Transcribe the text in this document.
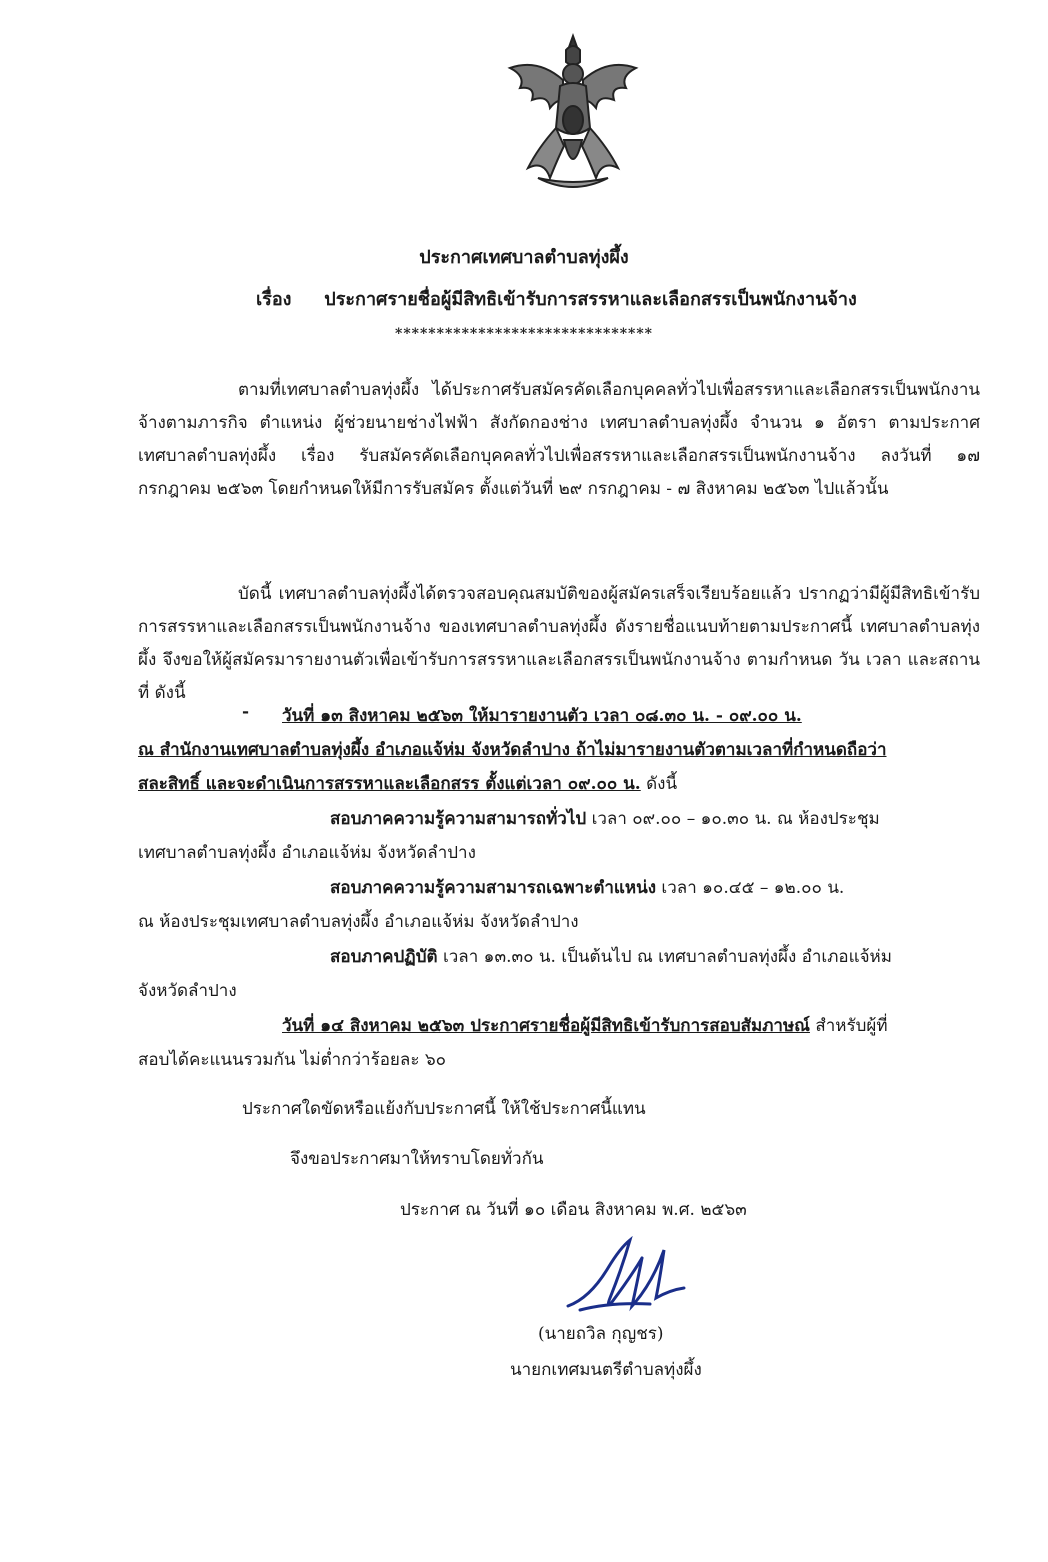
ประกาศเทศบาลตำบลทุ่งผึ้ง
เรื่อง ประกาศรายชื่อผู้มีสิทธิเข้ารับการสรรหาและเลือกสรรเป็นพนักงานจ้าง
*******************************
ตามที่เทศบาลตำบลทุ่งผึ้ง ได้ประกาศรับสมัครคัดเลือกบุคคลทั่วไปเพื่อสรรหาและเลือกสรรเป็นพนักงานจ้างตามภารกิจ ตำแหน่ง ผู้ช่วยนายช่างไฟฟ้า สังกัดกองช่าง เทศบาลตำบลทุ่งผึ้ง จำนวน ๑ อัตรา ตามประกาศเทศบาลตำบลทุ่งผึ้ง เรื่อง รับสมัครคัดเลือกบุคคลทั่วไปเพื่อสรรหาและเลือกสรรเป็นพนักงานจ้าง ลงวันที่ ๑๗ กรกฎาคม ๒๕๖๓ โดยกำหนดให้มีการรับสมัคร ตั้งแต่วันที่ ๒๙ กรกฎาคม - ๗ สิงหาคม ๒๕๖๓ ไปแล้วนั้น
บัดนี้ เทศบาลตำบลทุ่งผึ้งได้ตรวจสอบคุณสมบัติของผู้สมัครเสร็จเรียบร้อยแล้ว ปรากฏว่ามีผู้มีสิทธิเข้ารับการสรรหาและเลือกสรรเป็นพนักงานจ้าง ของเทศบาลตำบลทุ่งผึ้ง ดังรายชื่อแนบท้ายตามประกาศนี้ เทศบาลตำบลทุ่งผึ้ง จึงขอให้ผู้สมัครมารายงานตัวเพื่อเข้ารับการสรรหาและเลือกสรรเป็นพนักงานจ้าง ตามกำหนด วัน เวลา และสถานที่ ดังนี้
- วันที่ ๑๓ สิงหาคม ๒๕๖๓ ให้มารายงานตัว เวลา ๐๘.๓๐ น. - ๐๙.๐๐ น.
ณ สำนักงานเทศบาลตำบลทุ่งผึ้ง อำเภอแจ้ห่ม จังหวัดลำปาง ถ้าไม่มารายงานตัวตามเวลาที่กำหนดถือว่า
สละสิทธิ์ และจะดำเนินการสรรหาและเลือกสรร ตั้งแต่เวลา ๐๙.๐๐ น. ดังนี้
สอบภาคความรู้ความสามารถทั่วไป เวลา ๐๙.๐๐ – ๑๐.๓๐ น. ณ ห้องประชุม
เทศบาลตำบลทุ่งผึ้ง อำเภอแจ้ห่ม จังหวัดลำปาง
สอบภาคความรู้ความสามารถเฉพาะตำแหน่ง เวลา ๑๐.๔๕ – ๑๒.๐๐ น.
ณ ห้องประชุมเทศบาลตำบลทุ่งผึ้ง อำเภอแจ้ห่ม จังหวัดลำปาง
สอบภาคปฏิบัติ เวลา ๑๓.๓๐ น. เป็นต้นไป ณ เทศบาลตำบลทุ่งผึ้ง อำเภอแจ้ห่ม
จังหวัดลำปาง
วันที่ ๑๔ สิงหาคม ๒๕๖๓ ประกาศรายชื่อผู้มีสิทธิเข้ารับการสอบสัมภาษณ์ สำหรับผู้ที่
สอบได้คะแนนรวมกัน ไม่ต่ำกว่าร้อยละ ๖๐
ประกาศใดขัดหรือแย้งกับประกาศนี้ ให้ใช้ประกาศนี้แทน
จึงขอประกาศมาให้ทราบโดยทั่วกัน
ประกาศ ณ วันที่ ๑๐ เดือน สิงหาคม พ.ศ. ๒๕๖๓
(นายถวิล กุญชร)
นายกเทศมนตรีตำบลทุ่งผึ้ง
